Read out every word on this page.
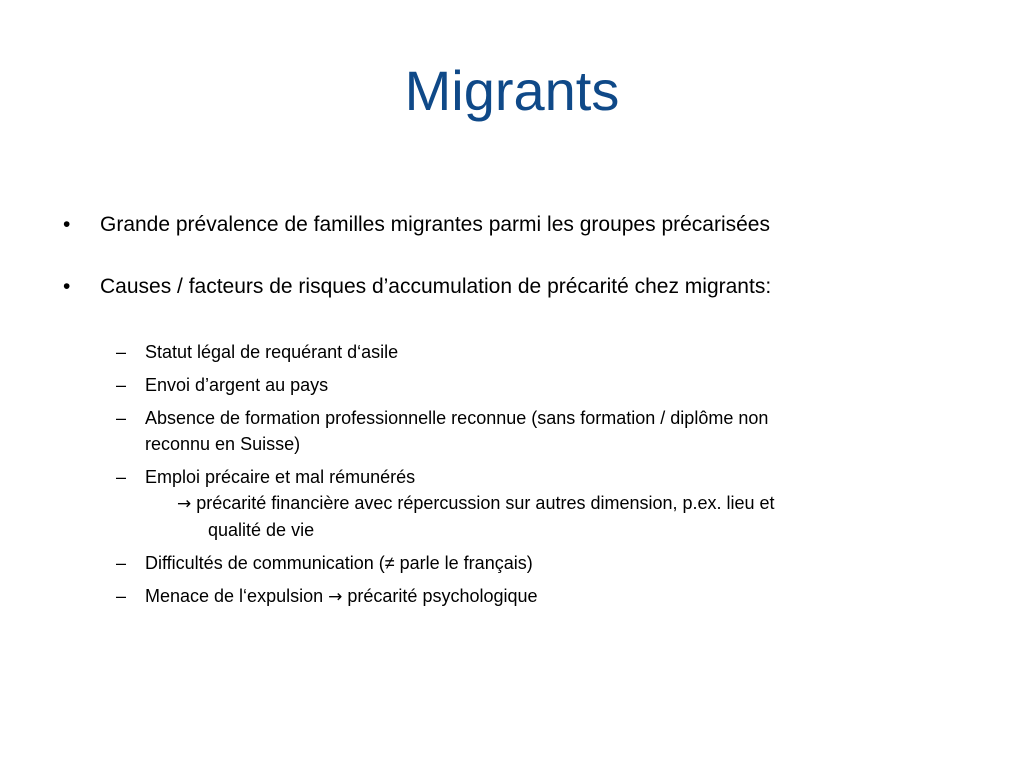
Migrants
•	Grande prévalence de familles migrantes parmi les groupes précarisées
•	Causes / facteurs de risques d’accumulation de précarité chez migrants:
–	Statut légal de requérant d‘asile
–	Envoi d’argent au pays
–	Absence de formation professionnelle reconnue (sans formation / diplôme non
reconnu en Suisse)
–	Emploi précaire et mal rémunérés
→ précarité financière avec répercussion sur autres dimension, p.ex. lieu et
qualité de vie
–	Difficultés de communication (≠ parle le français)
–	Menace de l‘expulsion → précarité psychologique
